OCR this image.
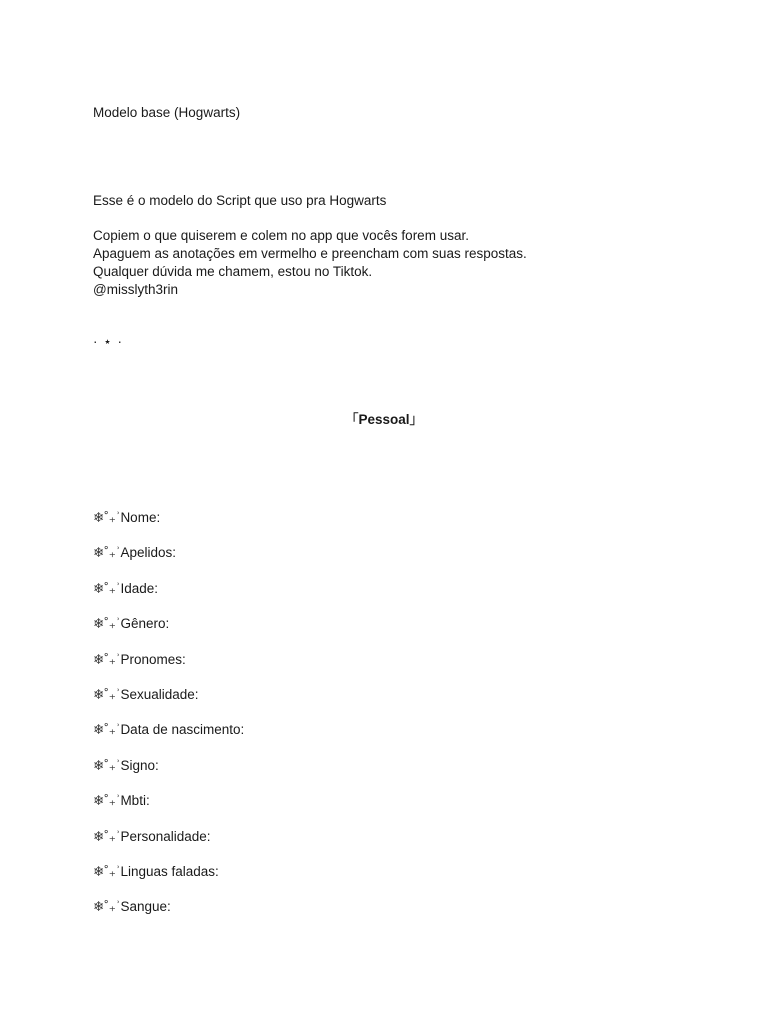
Modelo base (Hogwarts)

Esse é o modelo do Script que uso pra Hogwarts

Copiem o que quiserem e colem no app que vocês forem usar.
Apaguem as anotações em vermelho e preencham com suas respostas.
Qualquer dúvida me chamem, estou no Tiktok.
@misslyth3rin

· ⋆ ·

「Pessoal」

❄︎˚₊ʾNome:
❄︎˚₊ʾApelidos:
❄︎˚₊ʾIdade:
❄︎˚₊ʾGênero:
❄︎˚₊ʾPronomes:
❄︎˚₊ʾSexualidade:
❄︎˚₊ʾData de nascimento:
❄︎˚₊ʾSigno:
❄︎˚₊ʾMbti:
❄︎˚₊ʾPersonalidade:
❄︎˚₊ʾLinguas faladas:
❄︎˚₊ʾSangue:
